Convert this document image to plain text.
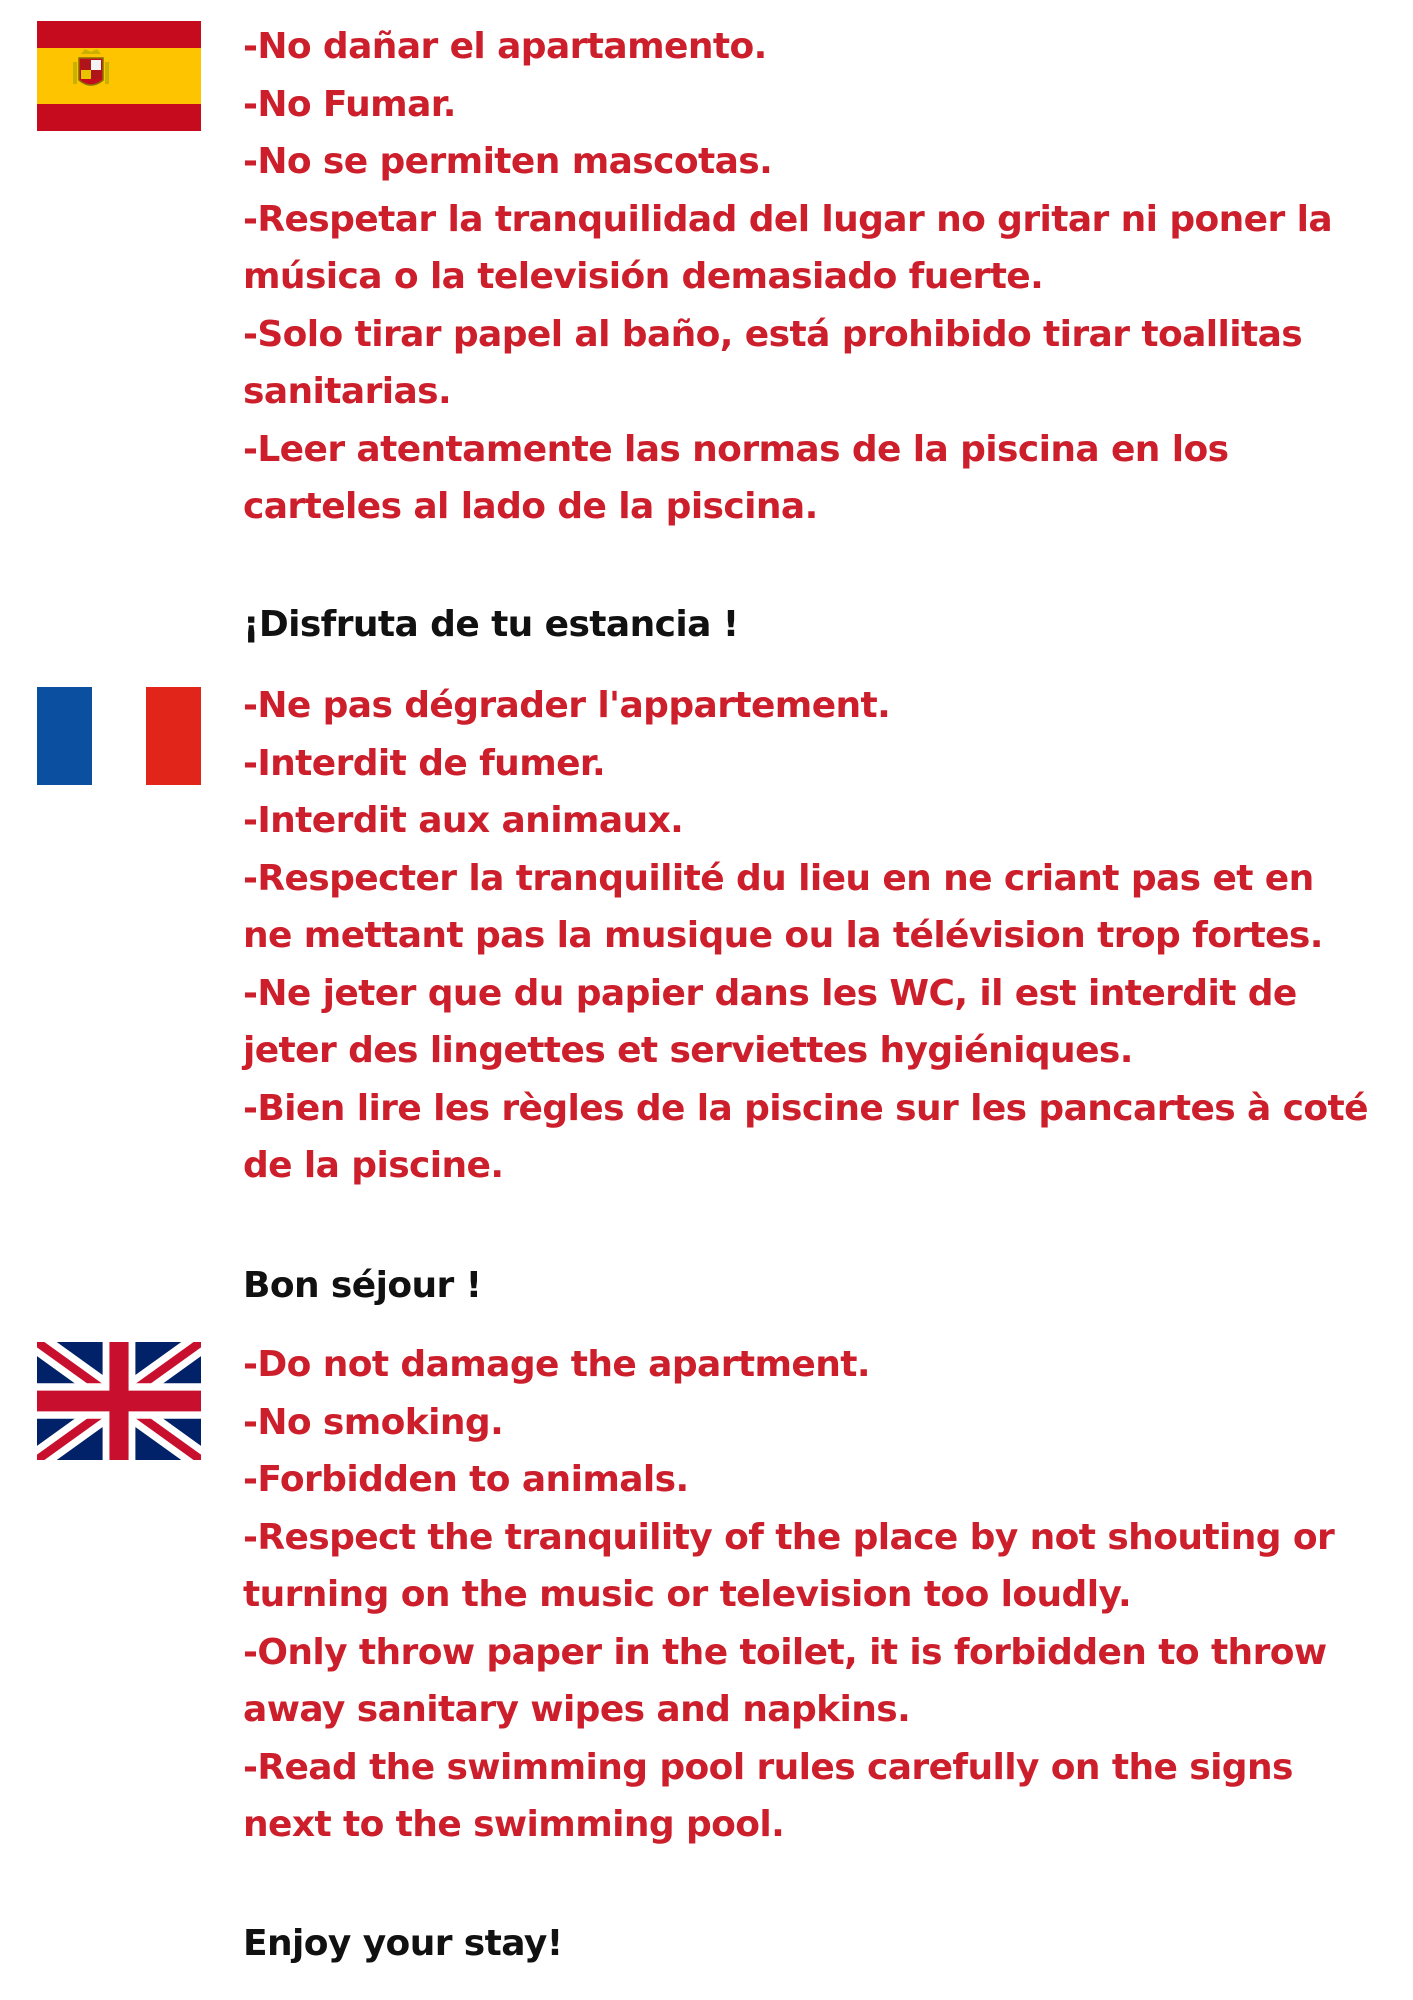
-No dañar el apartamento.
-No Fumar.
-No se permiten mascotas.
-Respetar la tranquilidad del lugar no gritar ni poner la
música o la televisión demasiado fuerte.
-Solo tirar papel al baño, está prohibido tirar toallitas
sanitarias.
-Leer atentamente las normas de la piscina en los
carteles al lado de la piscina.
¡Disfruta de tu estancia !
-Ne pas dégrader l'appartement.
-Interdit de fumer.
-Interdit aux animaux.
-Respecter la tranquilité du lieu en ne criant pas et en
ne mettant pas la musique ou la télévision trop fortes.
-Ne jeter que du papier dans les WC, il est interdit de
jeter des lingettes et serviettes hygiéniques.
-Bien lire les règles de la piscine sur les pancartes à coté
de la piscine.
Bon séjour !
-Do not damage the apartment.
-No smoking.
-Forbidden to animals.
-Respect the tranquility of the place by not shouting or
turning on the music or television too loudly.
-Only throw paper in the toilet, it is forbidden to throw
away sanitary wipes and napkins.
-Read the swimming pool rules carefully on the signs
next to the swimming pool.
Enjoy your stay!
